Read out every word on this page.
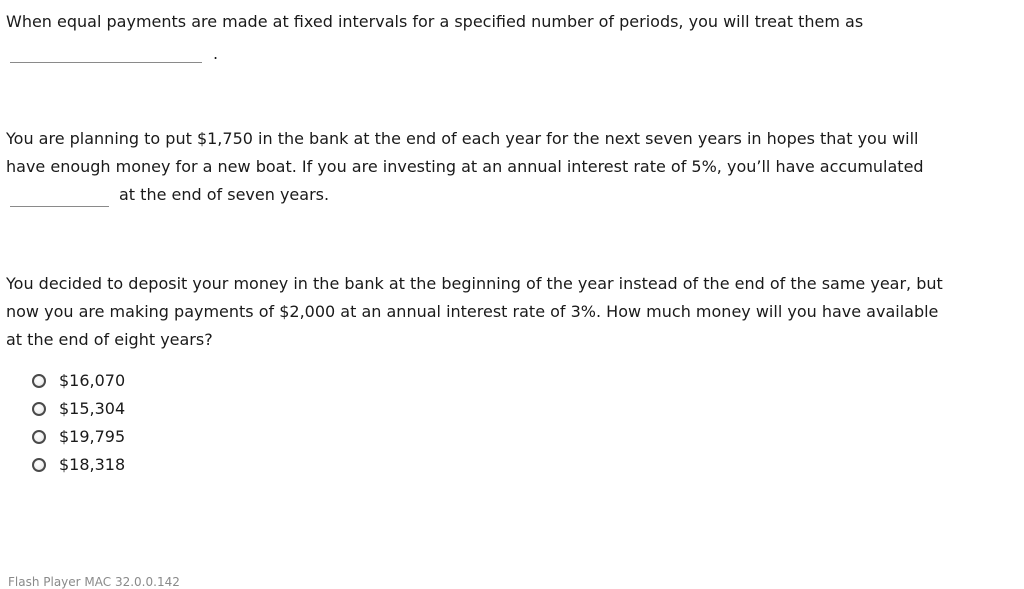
When equal payments are made at fixed intervals for a specified number of periods, you will treat them as

.

You are planning to put $1,750 in the bank at the end of each year for the next seven years in hopes that you will

have enough money for a new boat. If you are investing at an annual interest rate of 5%, you’ll have accumulated

at the end of seven years.

You decided to deposit your money in the bank at the beginning of the year instead of the end of the same year, but

now you are making payments of $2,000 at an annual interest rate of 3%. How much money will you have available

at the end of eight years?

$16,070
$15,304
$19,795
$18,318
Flash Player MAC 32.0.0.142
